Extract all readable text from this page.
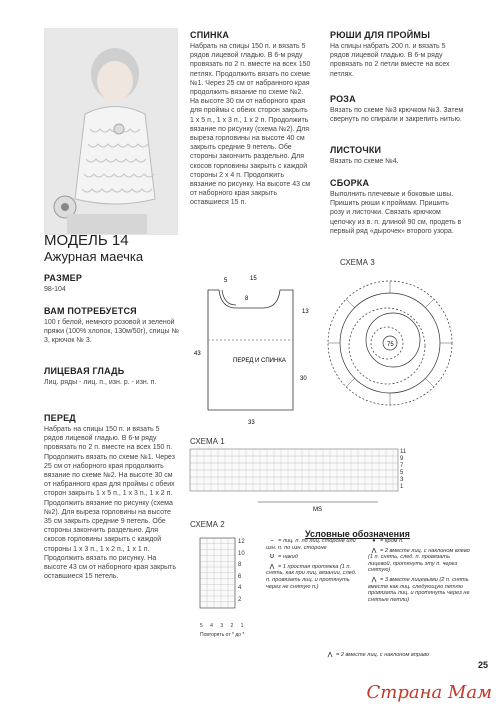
МОДЕЛЬ 14
Ажурная маечка
РАЗМЕР
98-104
ВАМ ПОТРЕБУЕТСЯ
100 г белой, немного розовой и зеленой пряжи (100% хлопок, 130м/50г), спицы № 3, крючок № 3.
ЛИЦЕВАЯ ГЛАДЬ
Лиц. ряды - лиц. п., изн. р. - изн. п.
ПЕРЕД
Набрать на спицы 150 п. и вязать 5 рядов лицевой гладью. В 6-м ряду провязать по 2 п. вместе на всех 150 п. Продолжить вязать по схеме №1. Через 25 см от наборного края продолжить вязание по схеме №2. На высоте 30 см от набранного края для проймы с обеих сторон закрыть 1 х 5 п., 1 х 3 п., 1 х 2 п. Продолжить вязание по рисунку (схема №2). Для выреза горловины на высоте 35 см закрыть средние 9 петель. Обе стороны закончить раздельно. Для скосов горловины закрыть с каждой стороны 1 х 3 п., 1 х 2 п., 1 х 1 п. Продолжить вязать по рисунку. На высоте 43 см от наборного края закрыть оставшиеся 15 петель.
СПИНКА
Набрать на спицы 150 п. и вязать 5 рядов лицевой гладью. В 6-м ряду провязать по 2 п. вместе на всех 150 петлях. Продолжить вязать по схеме №1. Через 25 см от набранного края продолжить вязание по схеме №2. На высоте 30 см от наборного края для проймы с обеих сторон закрыть 1 х 5 п., 1 х 3 п., 1 х 2 п. Продолжить вязание по рисунку (схема №2). Для выреза горловины на высоте 40 см закрыть средние 9 петель. Обе стороны закончить раздельно. Для скосов горловины закрыть с каждой стороны 2 х 4 п. Продолжить вязание по рисунку. На высоте 43 см от наборного края закрыть оставшиеся 15 п.
РЮШИ ДЛЯ ПРОЙМЫ
На спицы набрать 200 п. и вязать 5 рядов лицевой гладью. В 6-м ряду провязать по 2 петли вместе на всех петлях.
РОЗА
Вязать по схеме №3 крючком №3. Затем свернуть по спирали и закрепить нитью.
ЛИСТОЧКИ
Вязать по схеме №4.
СБОРКА
Выполнить плечевые и боковые швы. Пришить рюши к проймам. Пришить розу и листочки. Связать крючком цепочку из в. п. длиной 90 см, продеть в первый ряд «дырочек» второго узора.
СХЕМА 3
75
5	15
8
13
43
30
33
ПЕРЕД И СПИНКА
СХЕМА 1
MS
11
9
7
5
3
1
СХЕМА 2
12
10
8
6
4
2
5 4 3 2 1
Повторять от * до *
Условные обозначения
– = лиц. п. по лиц. стороне или изн. п. по изн. стороне
U = накид
⋀ = 1 простая протяжка (1 п. снять, как при лиц. вязании, след. п. провязать лиц. и протянуть через не снятую п.)
● = кром п.
⋀ = 2 вместе лиц. с наклоном влево (1 п. снять, след. п. провязать лицевой, протянуть эту п. через снятую)
⋀ = 3 вместе лицевыми (2 п. снять вместе как лиц. следующую петлю провязать лиц. и протянуть через не снятые петли)
⋀ = 2 вместе лиц. с наклоном вправо
25
Страна Мам
